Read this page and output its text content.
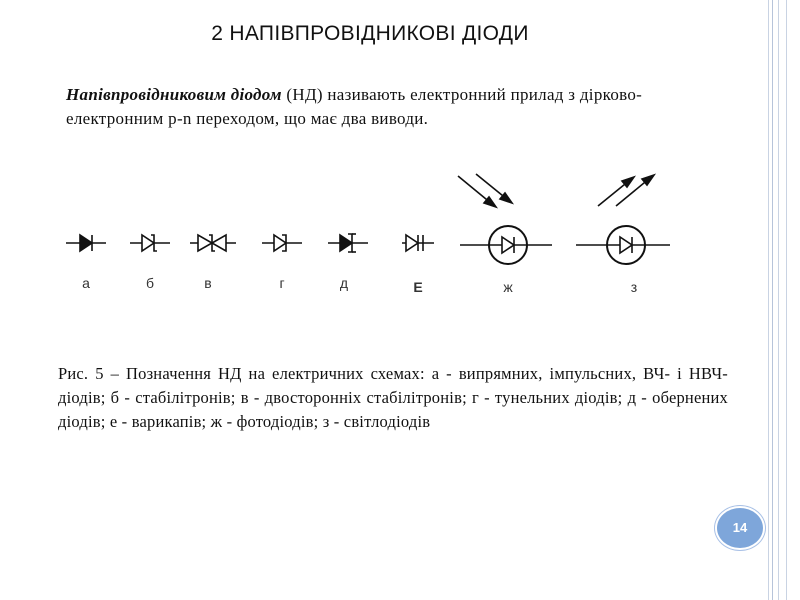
2 НАПІВПРОВІДНИКОВІ ДІОДИ
Напівпровідниковим діодом (НД) називають електронний прилад з дірково-електронним p-n переходом, що має два виводи.
а	б	в	г	д	Е	ж	з
Рис. 5 – Позначення НД на електричних схемах: а - випрямних, імпульсних, ВЧ- і НВЧ- діодів; б - стабілітронів; в - двосторонніх стабілітронів; г - тунельних діодів; д - обернених діодів; е - варикапів; ж - фотодіодів; з - світлодіодів
14
